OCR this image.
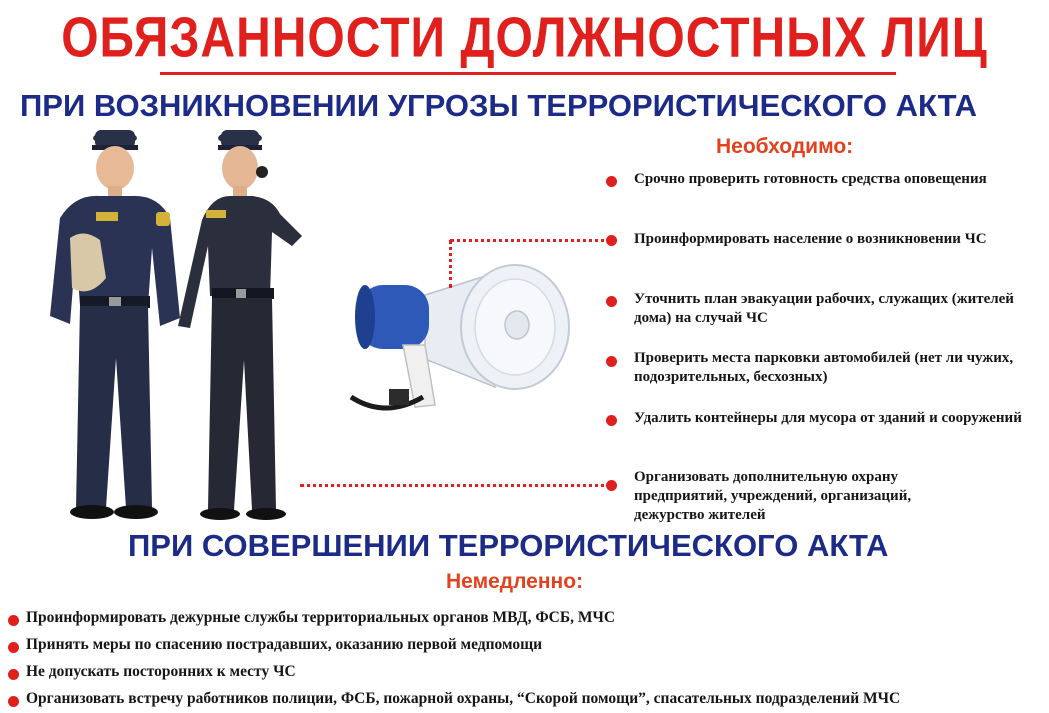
ОБЯЗАННОСТИ ДОЛЖНОСТНЫХ ЛИЦ
ПРИ ВОЗНИКНОВЕНИИ УГРОЗЫ ТЕРРОРИСТИЧЕСКОГО АКТА
Необходимо:
Срочно проверить готовность средства оповещения
Проинформировать население о возникновении ЧС
Уточнить план эвакуации рабочих, служащих (жителей дома) на случай ЧС
Проверить места парковки автомобилей (нет ли чужих, подозрительных, бесхозных)
Удалить контейнеры для мусора от зданий и сооружений
Организовать дополнительную охрану предприятий, учреждений, организаций, дежурство жителей
ПРИ СОВЕРШЕНИИ ТЕРРОРИСТИЧЕСКОГО АКТА
Немедленно:
Проинформировать дежурные службы территориальных органов МВД, ФСБ, МЧС
Принять меры по спасению пострадавших, оказанию первой медпомощи
Не допускать посторонних к месту ЧС
Организовать встречу работников полиции, ФСБ, пожарной охраны, “Скорой помощи”, спасательных подразделений МЧС
